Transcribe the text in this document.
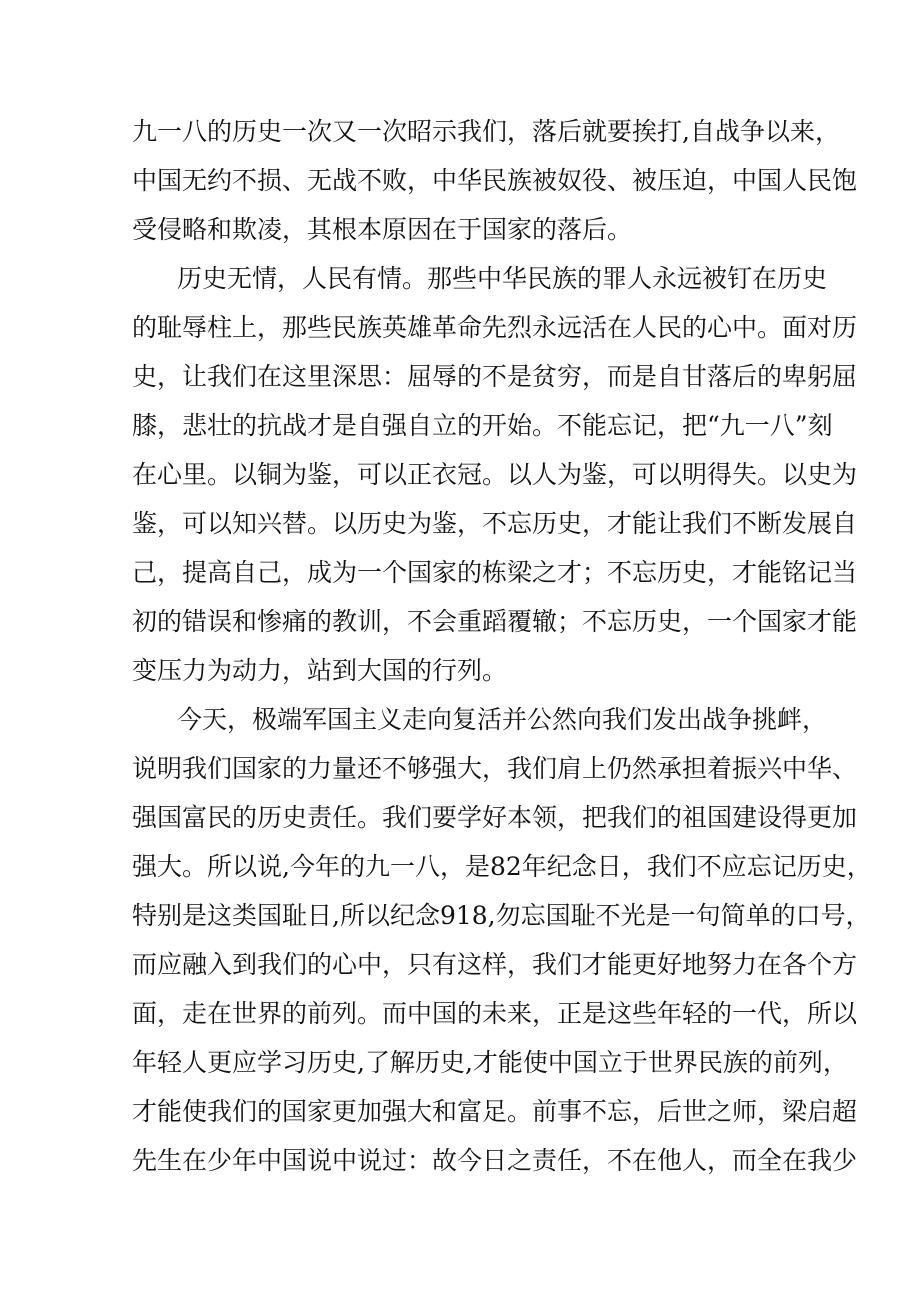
九一八的历史一次又一次昭示我们，落后就要挨打,自战争以来，
中国无约不损、无战不败，中华民族被奴役、被压迫，中国人民饱
受侵略和欺凌，其根本原因在于国家的落后。
历史无情，人民有情。那些中华民族的罪人永远被钉在历史
的耻辱柱上，那些民族英雄革命先烈永远活在人民的心中。面对历
史，让我们在这里深思：屈辱的不是贫穷，而是自甘落后的卑躬屈
膝，悲壮的抗战才是自强自立的开始。不能忘记，把“九一八”刻
在心里。以铜为鉴，可以正衣冠。以人为鉴，可以明得失。以史为
鉴，可以知兴替。以历史为鉴，不忘历史，才能让我们不断发展自
己，提高自己，成为一个国家的栋梁之才；不忘历史，才能铭记当
初的错误和惨痛的教训，不会重蹈覆辙；不忘历史，一个国家才能
变压力为动力，站到大国的行列。
今天，极端军国主义走向复活并公然向我们发出战争挑衅，
说明我们国家的力量还不够强大，我们肩上仍然承担着振兴中华、
强国富民的历史责任。我们要学好本领，把我们的祖国建设得更加
强大。所以说,今年的九一八，是82年纪念日，我们不应忘记历史，
特别是这类国耻日,所以纪念918,勿忘国耻不光是一句简单的口号，
而应融入到我们的心中，只有这样，我们才能更好地努力在各个方
面，走在世界的前列。而中国的未来，正是这些年轻的一代，所以
年轻人更应学习历史,了解历史,才能使中国立于世界民族的前列，
才能使我们的国家更加强大和富足。前事不忘，后世之师，梁启超
先生在少年中国说中说过：故今日之责任，不在他人，而全在我少
